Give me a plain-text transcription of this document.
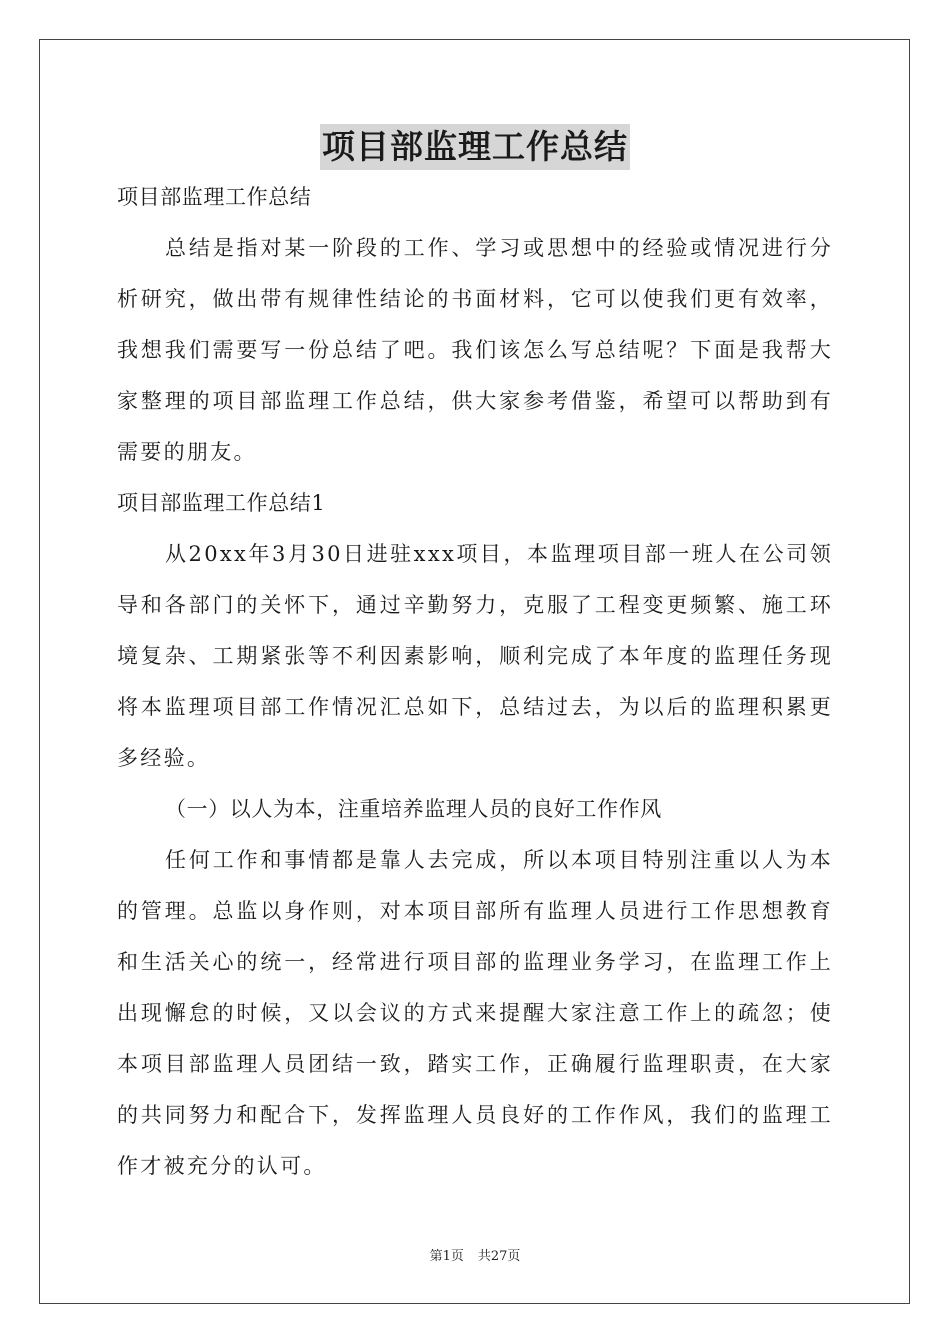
项目部监理工作总结

项目部监理工作总结

总结是指对某一阶段的工作、学习或思想中的经验或情况进行分析研究，做出带有规律性结论的书面材料，它可以使我们更有效率，我想我们需要写一份总结了吧。我们该怎么写总结呢？下面是我帮大家整理的项目部监理工作总结，供大家参考借鉴，希望可以帮助到有需要的朋友。

项目部监理工作总结1

从20xx年3月30日进驻xxx项目，本监理项目部一班人在公司领导和各部门的关怀下，通过辛勤努力，克服了工程变更频繁、施工环境复杂、工期紧张等不利因素影响，顺利完成了本年度的监理任务现将本监理项目部工作情况汇总如下，总结过去，为以后的监理积累更多经验。

（一）以人为本，注重培养监理人员的良好工作作风

任何工作和事情都是靠人去完成，所以本项目特别注重以人为本的管理。总监以身作则，对本项目部所有监理人员进行工作思想教育和生活关心的统一，经常进行项目部的监理业务学习，在监理工作上出现懈怠的时候，又以会议的方式来提醒大家注意工作上的疏忽；使本项目部监理人员团结一致，踏实工作，正确履行监理职责，在大家的共同努力和配合下，发挥监理人员良好的工作作风，我们的监理工作才被充分的认可。

第1页 共27页
